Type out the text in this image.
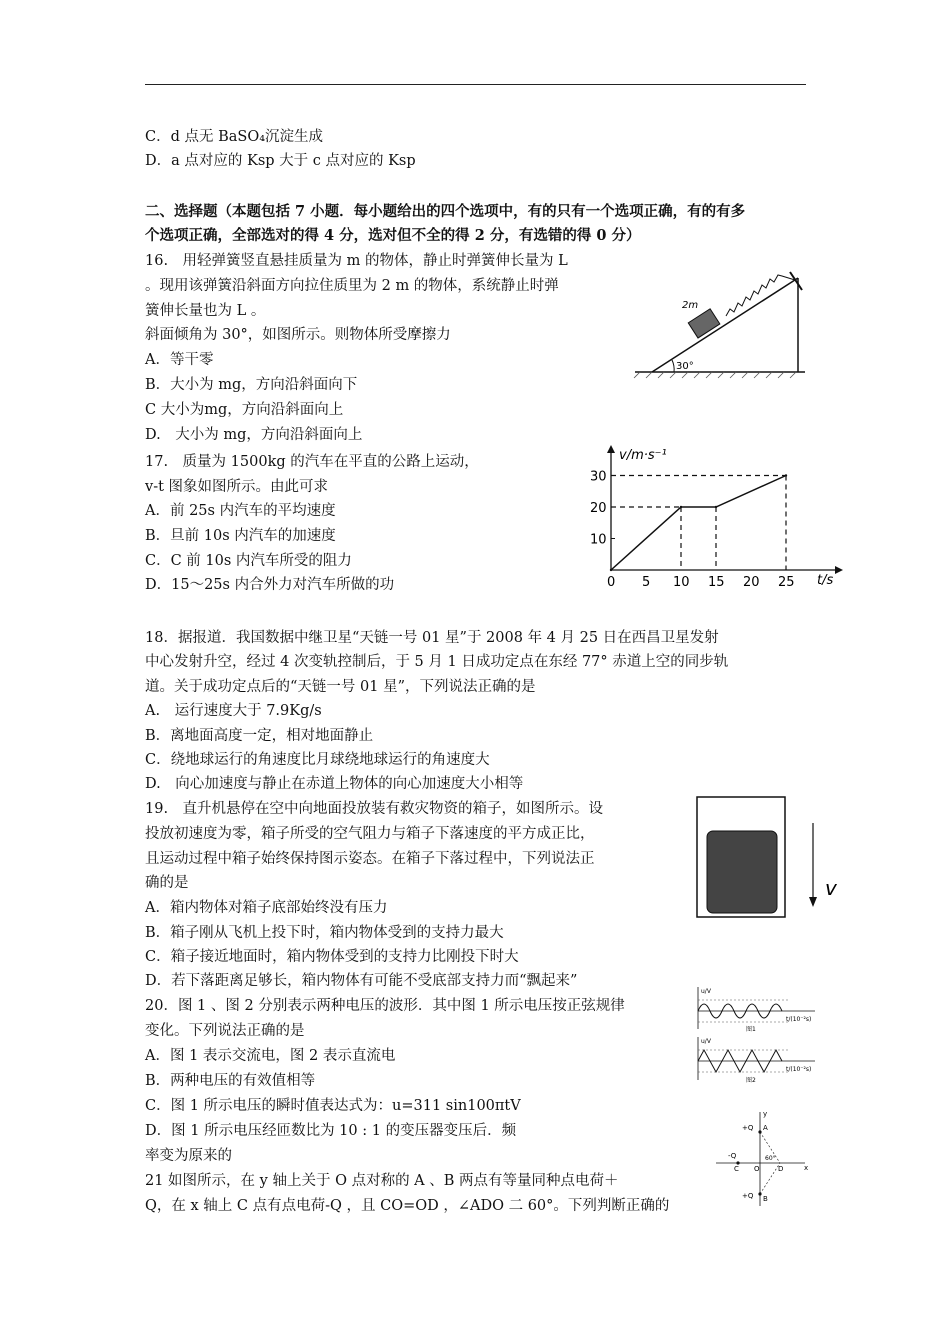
C．d 点无 BaSO₄沉淀生成
D．a 点对应的 Ksp 大于 c 点对应的 Ksp
二、选择题（本题包括 7 小题．每小题给出的四个选项中，有的只有一个选项正确，有的有多
个选项正确，全部选对的得 4 分，选对但不全的得 2 分，有选错的得 0 分）
16.　用轻弹簧竖直悬挂质量为 m 的物体，静止时弹簧伸长量为 L
。现用该弹簧沿斜面方向拉住质里为 2 m 的物体，系统静止时弹
簧伸长量也为 L 。
斜面倾角为 30°，如图所示。则物体所受摩擦力
A．等干零
B．大小为 mg，方向沿斜面向下
C 大小为mg，方向沿斜面向上
D.　大小为 mg，方向沿斜面向上
30°
2m
17.　质量为 1500kg 的汽车在平直的公路上运动，
v-t 图象如图所示。由此可求
A．前 25s 内汽车的平均速度
B．旦前 10s 内汽车的加速度
C．C 前 10s 内汽车所受的阻力
D．15～25s 内合外力对汽车所做的功	t/s
v/m·s⁻¹
10
20
30
0 5 10 15 20 25
18．据报道．我国数据中继卫星“天链一号 01 星”于 2008 年 4 月 25 日在西昌卫星发射
中心发射升空，经过 4 次变轨控制后，于 5 月 1 日成功定点在东经 77° 赤道上空的同步轨
道。关于成功定点后的“天链一号 01 星”，下列说法正确的是
A.　运行速度大于 7.9Kg/s
B．离地面高度一定，相对地面静止
C．绕地球运行的角速度比月球绕地球运行的角速度大
D.　向心加速度与静止在赤道上物体的向心加速度大小相等
19.　直升机悬停在空中向地面投放装有救灾物资的箱子，如图所示。设
投放初速度为零，箱子所受的空气阻力与箱子下落速度的平方成正比，
且运动过程中箱子始终保持图示姿态。在箱子下落过程中，下列说法正
确的是
A．箱内物体对箱子底部始终没有压力
B．箱子刚从飞机上投下时，箱内物体受到的支持力最大
C．箱子接近地面时，箱内物体受到的支持力比刚投下时大
D．若下落距离足够长，箱内物体有可能不受底部支持力而“飘起来”
v
20．图 1 、图 2 分别表示两种电压的波形．其中图 1 所示电压按正弦规律
变化。下列说法正确的是
A．图 1 表示交流电，图 2 表示直流电
B．两种电压的有效值相等
C．图 1 所示电压的瞬时值表达式为：u=311 sin100πtV
D．图 1 所示电压经匝数比为 10 : 1 的变压器变压后．频
率变为原来的
u/V
t/(10⁻²s)
图1
u/V
t/(10⁻²s)
图2
x
y
+Q A
+Q B
-Q
C O	D
60°
21 如图所示，在 y 轴上关于 O 点对称的 A 、B 两点有等量同种点电荷＋
Q，在 x 轴上 C 点有点电荷-Q ，且 CO=OD ，∠ADO 二 60°。下列判断正确的
